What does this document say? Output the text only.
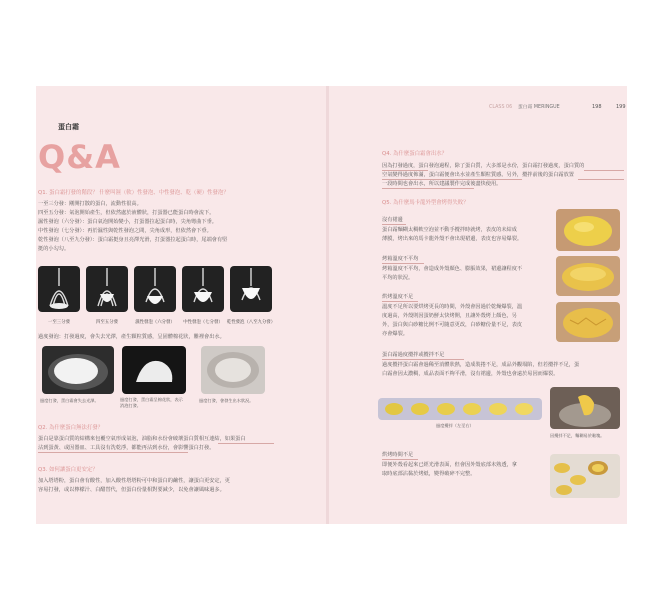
CLASS 06 蛋白霜 MERINGUE	198	199
蛋白霜
Q&A
Q1. 蛋白霜打發的階段？ 什麼叫濕（軟）性發泡、中性發泡、乾（硬）性發泡？
一至三分發：剛開打散的蛋白，流動性很高。
四至五分發：氣泡開始產生，但依然處於液體狀，打蛋器已能蛋白時會流下。
濕性發泡（六分發）：蛋白氣泡開始變小，打蛋器拉起蛋白時，尖角彎曲下垂。
中性發泡（七分發）：再於濕性與乾性發泡之間，尖角成形，但依然會下垂。
乾性發泡（八至九分發）：蛋白霜挺身且亮澤光滑，打蛋器拉起蛋白時，尾端會有堅
挺的小勾勾。
一至三分發	四至五分發	濕性發泡（六分發）	中性發泡（七分發） 乾性發泡（八至九分發）
過度發泡：打發過度，會失去光澤，產生顆粒質感，呈固體棉花狀，難裡會出水。
過度打發，蛋白霜會失去光澤。	過度打發，蛋白霜呈棉花狀，表示消泡打發。
過度打發，會發生出水狀況。
Q2. 為什麼蛋白無法打發？
蛋白是靠蛋白質的結構來包覆空氣形成氣泡，油脂和水份會破壞蛋白質相互連結，如果蛋白
沾到蛋黃、或因器皿、工具沒有洗乾淨，都能再沾到水份，會影響蛋白打發。
Q3. 如何讓蛋白更安定？
加入塔塔粉，蛋白會有酸性，加入酸性塔塔粉可中和蛋白的鹼性，讓蛋白更安定，更
容易打發，或以檸檬汁、白醋替代，但蛋白份量相對要減少，以免會讓風味過多。
Q4. 為什麼蛋白霜會出水？
因為打發過度，蛋白發泡過程，除了蛋白質，大多部是水份，蛋白霜打發過度，蛋白質的
空氣變得過度佈滿，蛋白霜便會出水並產生顆粒質感。另外，攪拌前後的蛋白霜放置
一段時間也會出水，所以建議製作完成後盡快使用。
Q5. 為什麼馬卡龍外型會烤得失敗？
沒有裙邊
蛋白霜麵糊太稠軟空泡並不動手攪拌時就烤，表皮的未結成
薄膜，烤出來的馬卡龍外殼不會出現裙邊，表皮也容易爆裂。
烤箱溫度不平均
烤箱溫度不平均，會造成外殼顏色、膨脹效果，裙邊讓程度不
平均的狀況。
烘烤溫度不足
溫度不足所以要烘烤更長的時間，外殼會因過於乾燥爆裂，溫
度過高，外殼則因蛋奶鮮太快烤開，且讓外殼烤上顏色，另
外，蛋白與白砂糖比例不可隨意更改，白砂糖份量不足，表皮
亦會爆裂。
蛋白霜過度攪拌或攪拌不足
過度攪拌蛋白霜會過稀至消體狀熱，造成裝捲不足，成品外觀塌陷，但若攪拌不足，蛋
白霜會因太濃稠，成品表面不夠平滑，沒有裙邊，外殼也會遠於易因而爆裂。
過度攪拌（左至右）
因攪拌不足，麵糊易於黏塊。
烘烤時間不足
即便外殼看起來已經光滑表面，但會因外殼底部未熟透，拿
取時底部沾黏於烤紙，變得破碎不完整。
